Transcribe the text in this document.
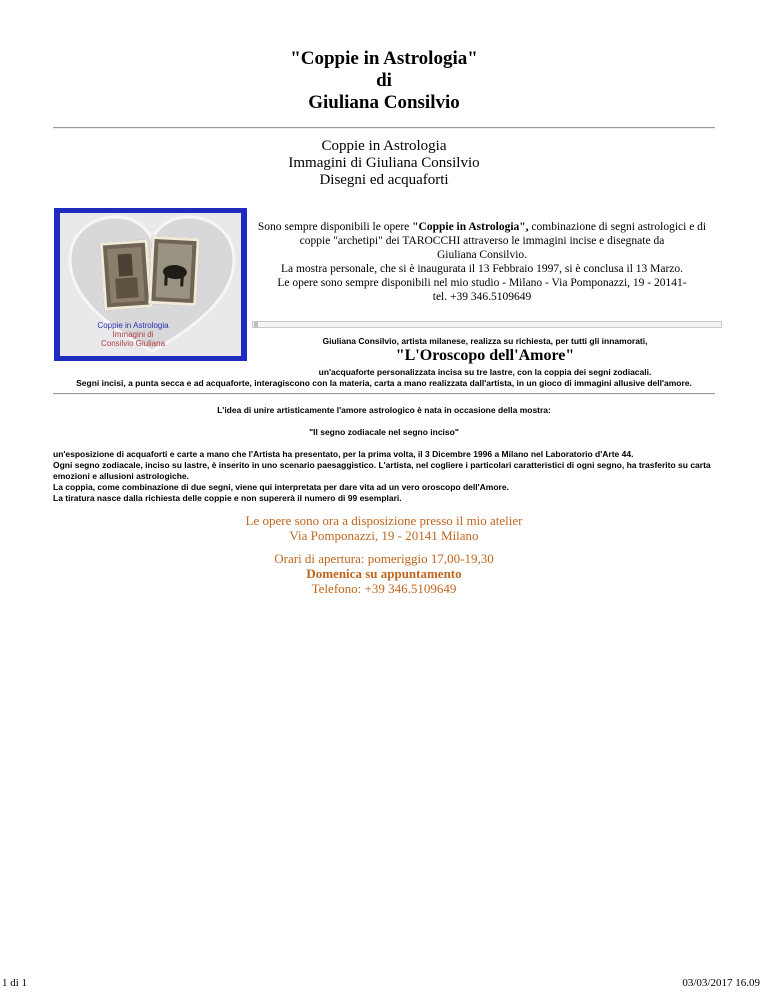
"Coppie in Astrologia"
di
Giuliana Consilvio
Coppie in Astrologia
Immagini di Giuliana Consilvio
Disegni ed acquaforti
Coppie in Astrologia
Immagini di
Consilvio Giuliana
Sono sempre disponibili le opere "Coppie in Astrologia", combinazione di segni astrologici e di coppie "archetipi" dei TAROCCHI attraverso le immagini incise e disegnate da
Giuliana Consilvio.
La mostra personale, che si è inaugurata il 13 Febbraio 1997, si è conclusa il 13 Marzo.
Le opere sono sempre disponibili nel mio studio - Milano - Via Pomponazzi, 19 - 20141-
tel. +39 346.5109649
Giuliana Consilvio, artista milanese, realizza su richiesta, per tutti gli innamorati,
"L'Oroscopo dell'Amore"
un'acquaforte personalizzata incisa su tre lastre, con la coppia dei segni zodiacali.
Segni incisi, a punta secca e ad acquaforte, interagiscono con la materia, carta a mano realizzata dall'artista, in un gioco di immagini allusive dell'amore.
L'idea di unire artisticamente l'amore astrologico è nata in occasione della mostra:
"Il segno zodiacale nel segno inciso"
un'esposizione di acquaforti e carte a mano che l'Artista ha presentato, per la prima volta, il 3 Dicembre 1996 a Milano nel Laboratorio d'Arte 44.
Ogni segno zodiacale, inciso su lastre, è inserito in uno scenario paesaggistico. L'artista, nel cogliere i particolari caratteristici di ogni segno, ha trasferito su carta emozioni e allusioni astrologiche.
La coppia, come combinazione di due segni, viene qui interpretata per dare vita ad un vero oroscopo dell'Amore.
La tiratura nasce dalla richiesta delle coppie e non supererà il numero di 99 esemplari.
Le opere sono ora a disposizione presso il mio atelier
Via Pomponazzi, 19 - 20141 Milano
Orari di apertura: pomeriggio 17,00-19,30
Domenica su appuntamento
Telefono: +39 346.5109649
1 di 1	03/03/2017 16.09
